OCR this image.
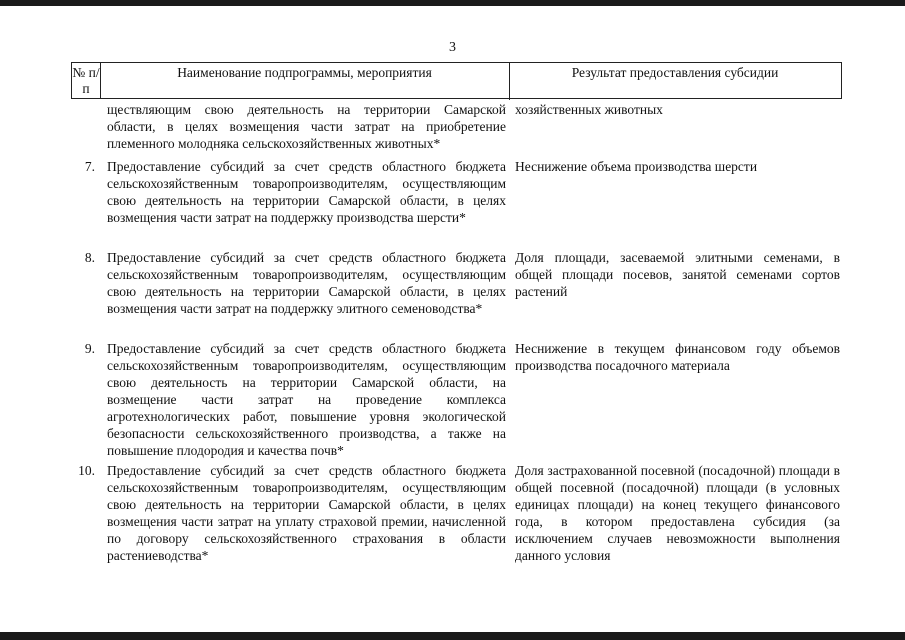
3
№ п/п
Наименование подпрограммы, мероприятия	Результат предоставления субсидии
ществляющим свою деятельность на территории Самарской области, в целях возмещения части затрат на приобретение племенного молодняка сельскохозяйственных животных*
хозяйственных животных
7. Предоставление субсидий за счет средств областного бюджета сельскохозяйственным товаропроизводителям, осуществляющим свою деятельность на территории Самарской области, в целях возмещения части затрат на поддержку производства шерсти*
Неснижение объема производства шерсти
8. Предоставление субсидий за счет средств областного бюджета сельскохозяйственным товаропроизводителям, осуществляющим свою деятельность на территории Самарской области, в целях возмещения части затрат на поддержку элитного семеноводства*
Доля площади, засеваемой элитными семенами, в общей площади посевов, занятой семенами сортов растений
9. Предоставление субсидий за счет средств областного бюджета сельскохозяйственным товаропроизводителям, осуществляющим свою деятельность на территории Самарской области, на возмещение части затрат на проведение комплекса агротехнологических работ, повышение уровня экологической безопасности сельскохозяйственного производства, а также на повышение плодородия и качества почв*
Неснижение в текущем финансовом году объемов производства посадочного материала
10. Предоставление субсидий за счет средств областного бюджета сельскохозяйственным товаропроизводителям, осуществляющим свою деятельность на территории Самарской области, в целях возмещения части затрат на уплату страховой премии, начисленной по договору сельскохозяйственного страхования в области растениеводства*
Доля застрахованной посевной (посадочной) площади в общей посевной (посадочной) площади (в условных единицах площади) на конец текущего финансового года, в котором предоставлена субсидия (за исключением случаев невозможности выполнения данного условия
